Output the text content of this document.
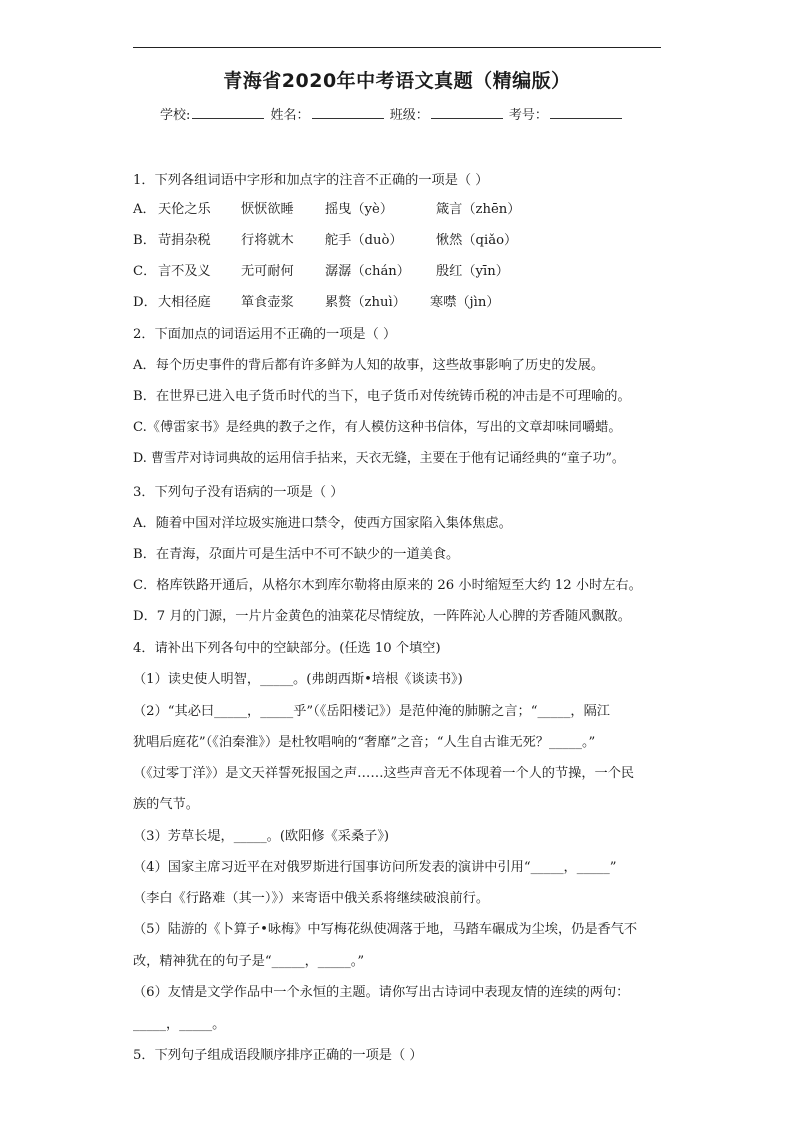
青海省2020年中考语文真题（精编版）
学校:	姓名：	班级：	考号：
1．下列各组词语中字形和加点字的注音不正确的一项是（ ）
A． 天伦之乐 恹恹欲睡 摇曳（yè）	箴言（zhēn）
B． 苛捐杂税 行将就木 舵手（duò）	愀然（qiǎo）
C． 言不及义 无可耐何 潺潺（chán） 殷红（yīn）
D． 大相径庭 箪食壶浆 累赘（zhuì） 寒噤（jìn）
2．下面加点的词语运用不正确的一项是（ ）
A．每个历史事件的背后都有许多鲜为人知的故事，这些故事影响了历史的发展。
B．在世界已进入电子货币时代的当下，电子货币对传统铸币税的冲击是不可理喻的。
C.《傅雷家书》是经典的教子之作，有人模仿这种书信体，写出的文章却味同嚼蜡。
D. 曹雪芹对诗词典故的运用信手拈来，天衣无缝，主要在于他有记诵经典的“童子功”。
3．下列句子没有语病的一项是（ ）
A．随着中国对洋垃圾实施进口禁令，使西方国家陷入集体焦虑。
B．在青海，尕面片可是生活中不可不缺少的一道美食。
C．格库铁路开通后，从格尔木到库尔勒将由原来的 26 小时缩短至大约 12 小时左右。
D．7 月的门源，一片片金黄色的油菜花尽情绽放，一阵阵沁人心脾的芳香随风飘散。
4．请补出下列各句中的空缺部分。(任选 10 个填空)
（1）读史使人明智，_____。(弗朗西斯•培根《谈读书》)
（2）“其必曰_____，_____乎”（《岳阳楼记》）是范仲淹的肺腑之言；“_____，隔江
犹唱后庭花”（《泊秦淮》）是杜牧唱响的“奢靡”之音；“人生自古谁无死？_____。”
（《过零丁洋》）是文天祥誓死报国之声……这些声音无不体现着一个人的节操，一个民
族的气节。
（3）芳草长堤，_____。(欧阳修《采桑子》)
（4）国家主席习近平在对俄罗斯进行国事访问所发表的演讲中引用“_____，_____”
（李白《行路难（其一）》）来寄语中俄关系将继续破浪前行。
（5）陆游的《卜算子•咏梅》中写梅花纵使凋落于地，马踏车碾成为尘埃，仍是香气不
改，精神犹在的句子是“_____，_____。”
（6）友情是文学作品中一个永恒的主题。请你写出古诗词中表现友情的连续的两句：
_____，_____。
5．下列句子组成语段顺序排序正确的一项是（ ）
